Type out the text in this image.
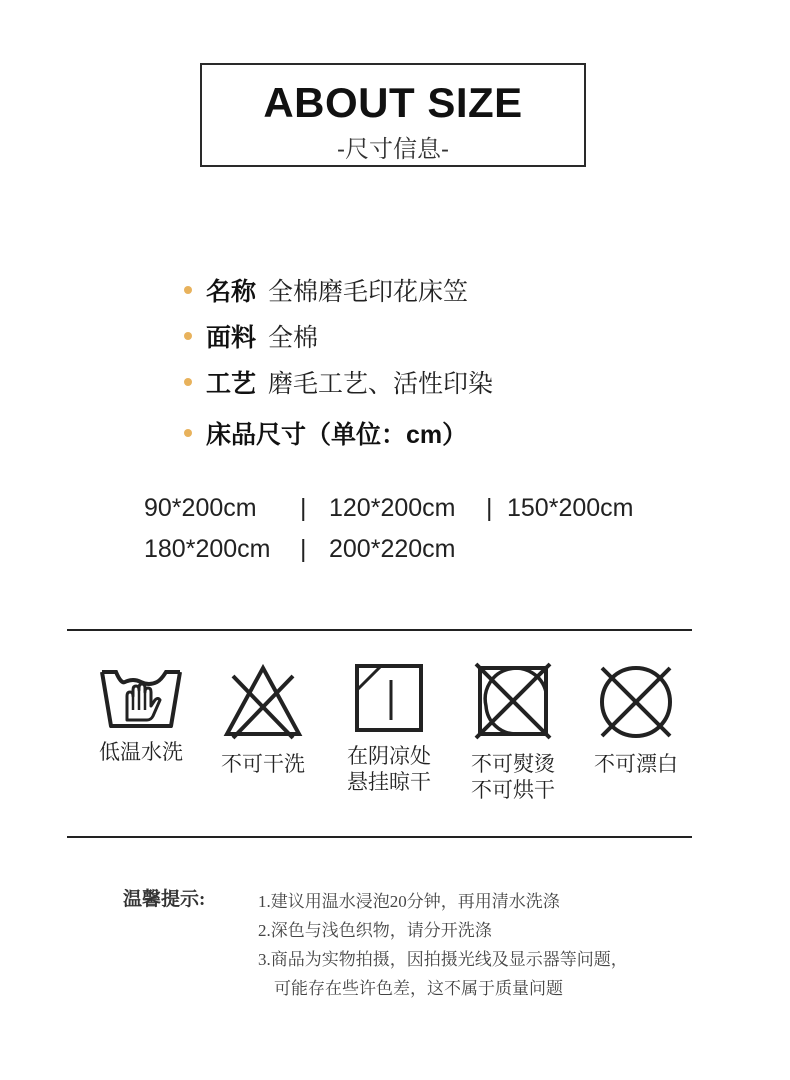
ABOUT SIZE
-尺寸信息-
名称 全棉磨毛印花床笠
面料 全棉
工艺 磨毛工艺、活性印染
床品尺寸（单位：cm）
90*200cm | 120*200cm | 150*200cm
180*200cm | 200*220cm
低温水洗
不可干洗	在阴凉处
悬挂晾干
不可熨烫
不可烘干
不可漂白
温馨提示:	1.建议用温水浸泡20分钟，再用清水洗涤
2.深色与浅色织物，请分开洗涤
3.商品为实物拍摄，因拍摄光线及显示器等问题，
可能存在些许色差，这不属于质量问题
